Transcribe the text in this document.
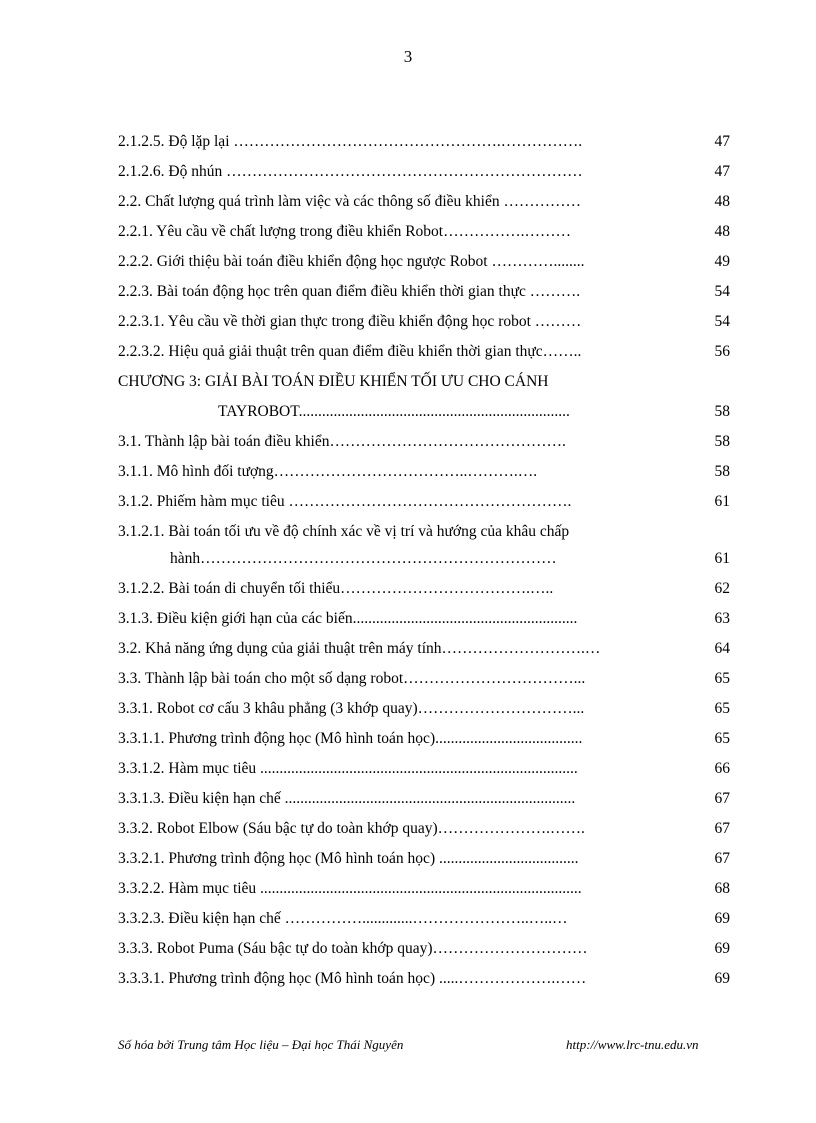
3
2.1.2.5. Độ lặp lại …………………………………………….…………….	47
2.1.2.6. Độ nhún ……………………………………………………………	47
2.2. Chất lượng quá trình làm việc và các thông số điều khiển ……………	48
2.2.1. Yêu cầu về chất lượng trong điều khiển Robot…………….………	48
2.2.2. Giới thiệu bài toán điều khiển động học ngược Robot …………........	49
2.2.3. Bài toán động học trên quan điểm điều khiển thời gian thực ……….	54
2.2.3.1. Yêu cầu về thời gian thực trong điều khiển động học robot ………	54
2.2.3.2. Hiệu quả giải thuật trên quan điểm điều khiển thời gian thực……..	56
CHƯƠNG 3: GIẢI BÀI TOÁN ĐIỀU KHIỂN TỐI ƯU CHO CÁNH
TAYROBOT......................................................................	58
3.1. Thành lập bài toán điều khiển……………………………………….	58
3.1.1. Mô hình đối tượng………………………………..……….….	58
3.1.2. Phiếm hàm mục tiêu ……………………………………………….	61
3.1.2.1. Bài toán tối ưu về độ chính xác về vị trí và hướng của khâu chấp
hành……………………………………………………………	61
3.1.2.2. Bài toán di chuyển tối thiểu……………………………….…..	62
3.1.3. Điều kiện giới hạn của các biến..........................................................	63
3.2. Khả năng ứng dụng của giải thuật trên máy tính……………………….…	64
3.3. Thành lập bài toán cho một số dạng robot……………………………...	65
3.3.1. Robot cơ cấu 3 khâu phẳng (3 khớp quay)…………………………...	65
3.3.1.1. Phương trình động học (Mô hình toán học)......................................	65
3.3.1.2. Hàm mục tiêu ..................................................................................	66
3.3.1.3. Điều kiện hạn chế ...........................................................................	67
3.3.2. Robot Elbow (Sáu bậc tự do toàn khớp quay)………………….…….	67
3.3.2.1. Phương trình động học (Mô hình toán học) ....................................	67
3.3.2.2. Hàm mục tiêu ...................................................................................	68
3.3.2.3. Điều kiện hạn chế …………….............…………………..…..…	69
3.3.3. Robot Puma (Sáu bậc tự do toàn khớp quay)…………………………	69
3.3.3.1. Phương trình động học (Mô hình toán học) .....……………….……	69
Số hóa bởi Trung tâm Học liệu – Đại học Thái Nguyên	http://www.lrc-tnu.edu.vn
